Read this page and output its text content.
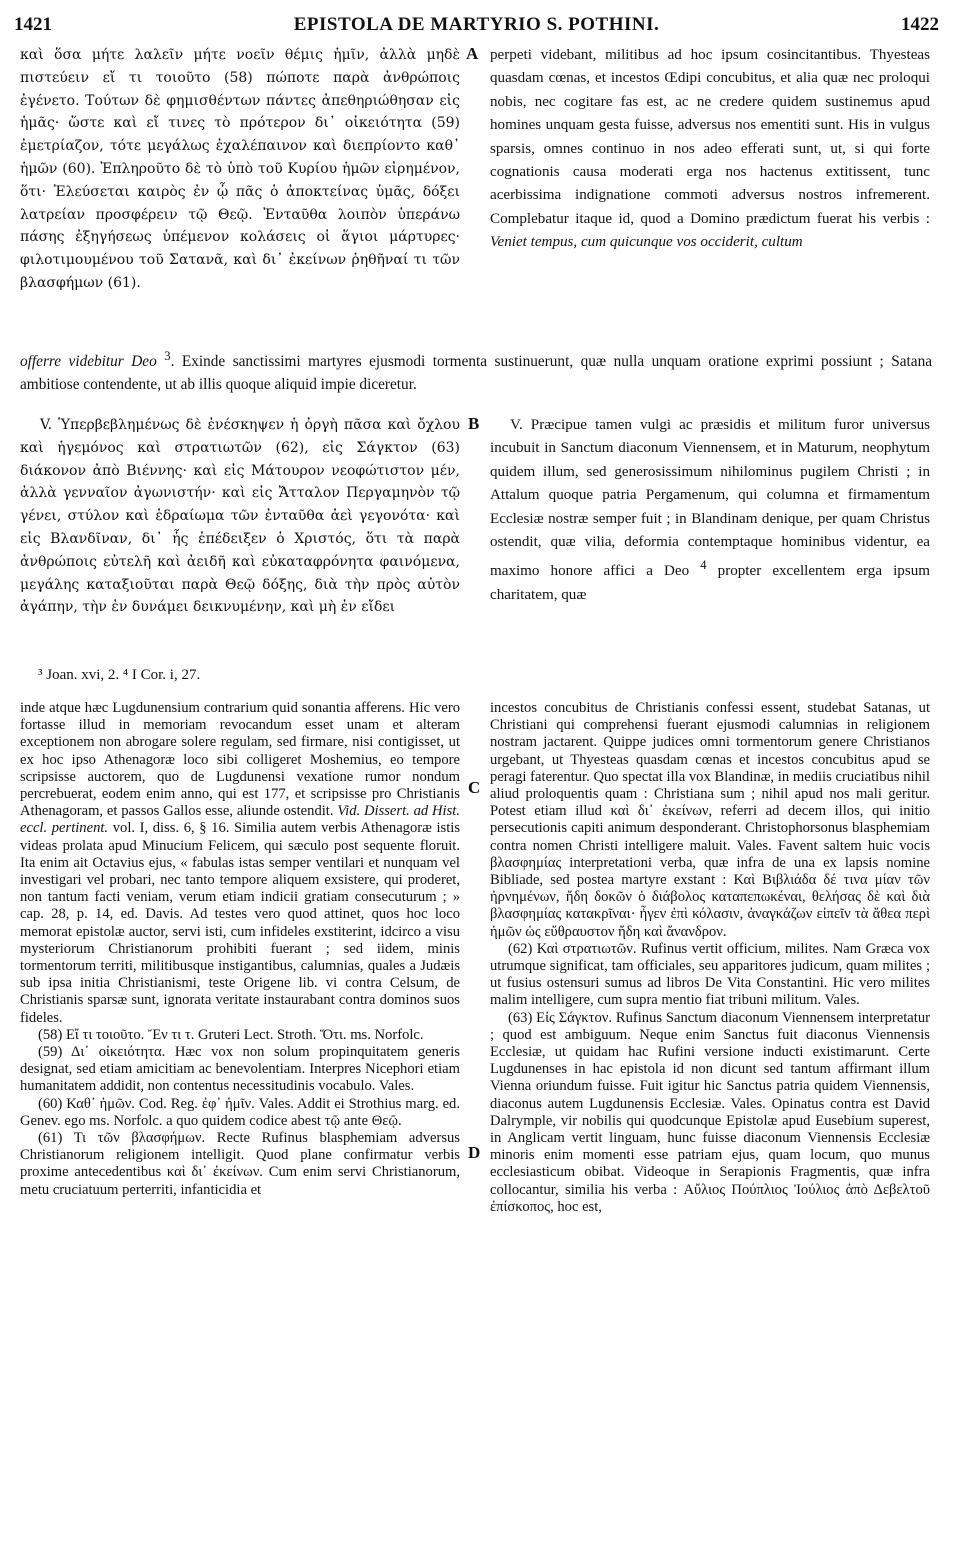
1421	EPISTOLA DE MARTYRIO S. POTHINI.	1422

καὶ ὅσα μήτε λαλεῖν μήτε νοεῖν θέμις ἡμῖν, ἀλλὰ μηδὲ πιστεύειν εἴ τι τοιοῦτο (58) πώποτε παρὰ ἀνθρώποις ἐγένετο. Τούτων δὲ φημισθέντων πάντες ἀπεθηριώθησαν εἰς ἡμᾶς· ὥστε καὶ εἴ τινες τὸ πρότερον δι᾽ οἰκειότητα (59) ἐμετρίαζον, τότε μεγάλως ἐχαλέπαινον καὶ διεπρίοντο καθ᾽ ἡμῶν (60). Ἐπληροῦτο δὲ τὸ ὑπὸ τοῦ Κυρίου ἡμῶν εἰρημένον, ὅτι· Ἐλεύσεται καιρὸς ἐν ᾧ πᾶς ὁ ἀποκτείνας ὑμᾶς, δόξει λατρείαν προσφέρειν τῷ Θεῷ. Ἐνταῦθα λοιπὸν ὑπεράνω πάσης ἐξηγήσεως ὑπέμενον κολάσεις οἱ ἅγιοι μάρτυρες· φιλοτιμουμένου τοῦ Σατανᾶ, καὶ δι᾽ ἐκείνων ῥηθῆναί τι τῶν βλασφήμων (61).

A perpeti videbant, militibus ad hoc ipsum cosincitantibus. Thyesteas quasdam cœnas, et incestos Œdipi concubitus, et alia quæ nec proloqui nobis, nec cogitare fas est, ac ne credere quidem sustinemus apud homines unquam gesta fuisse, adversus nos ementiti sunt. His in vulgus sparsis, omnes continuo in nos adeo efferati sunt, ut, si qui forte cognationis causa moderati erga nos hactenus extitissent, tunc acerbissima indignatione commoti adversus nostros infremerent. Complebatur itaque id, quod a Domino prædictum fuerat his verbis : Veniet tempus, cum quicunque vos occiderit, cultum

offerre videbitur Deo $^3$. Exinde sanctissimi martyres ejusmodi tormenta sustinuerunt, quæ nulla unquam oratione exprimi possiunt ; Satana ambitiose contendente, ut ab illis quoque aliquid impie diceretur.

V. Ὑπερβεβλημένως δὲ ἐνέσκηψεν ἡ ὀργὴ πᾶσα καὶ ὄχλου καὶ ἡγεμόνος καὶ στρατιωτῶν (62), εἰς Σάγκτον (63) διάκονον ἀπὸ Βιέννης· καὶ εἰς Μάτουρον νεοφώτιστον μέν, ἀλλὰ γενναῖον ἀγωνιστήν· καὶ εἰς Ἄτταλον Περγαμηνὸν τῷ γένει, στύλον καὶ ἑδραίωμα τῶν ἐνταῦθα ἀεὶ γεγονότα· καὶ εἰς Βλανδῖναν, δι᾽ ἧς ἐπέδειξεν ὁ Χριστός, ὅτι τὰ παρὰ ἀνθρώποις εὐτελῆ καὶ ἀειδῆ καὶ εὐκαταφρόνητα φαινόμενα, μεγάλης καταξιοῦται παρὰ Θεῷ δόξης, διὰ τὴν πρὸς αὐτὸν ἀγάπην, τὴν ἐν δυνάμει δεικνυμένην, καὶ μὴ ἐν εἴδει

B	V. Præcipue tamen vulgi ac præsidis et militum furor universus incubuit in Sanctum diaconum Viennensem, et in Maturum, neophytum quidem illum, sed generosissimum nihilominus pugilem Christi ; in Attalum quoque patria Pergamenum, qui columna et firmamentum Ecclesiæ nostræ semper fuit ; in Blandinam denique, per quam Christus ostendit, quæ vilia, deformia contemptaque hominibus videntur, ea maximo honore affici a Deo $^4$ propter excellentem erga ipsum charitatem, quæ

³ Joan. xvi, 2. ⁴ I Cor. i, 27.

inde atque hæc Lugdunensium contrarium quid sonantia afferens. Hic vero fortasse illud in memoriam revocandum esset unam et alteram exceptionem non abrogare solere regulam, sed firmare, nisi contigisset, ut ex hoc ipso Athenagoræ loco sibi colligeret Moshemius, eo tempore scripsisse auctorem, quo de Lugdunensi vexatione rumor nondum percrebuerat, eodem enim anno, qui est 177, et scripsisse pro Christianis Athenagoram, et passos Gallos esse, aliunde ostendit. Vid. Dissert. ad Hist. eccl. pertinent. vol. I, diss. 6, § 16. Similia autem verbis Athenagoræ istis videas prolata apud Minucium Felicem, qui sæculo post sequente floruit. Ita enim ait Octavius ejus, « fabulas istas semper ventilari et nunquam vel investigari vel probari, nec tanto tempore aliquem exsistere, qui proderet, non tantum facti veniam, verum etiam indicii gratiam consecuturum ; » cap. 28, p. 14, ed. Davis. Ad testes vero quod attinet, quos hoc loco memorat epistolæ auctor, servi isti, cum infideles exstiterint, idcirco a visu mysteriorum Christianorum prohibiti fuerant ; sed iidem, minis tormentorum territi, militibusque instigantibus, calumnias, quales a Judæis sub ipsa initia Christianismi, teste Origene lib. vi contra Celsum, de Christianis sparsæ sunt, ignorata veritate instaurabant contra dominos suos fideles.

(58) Εἴ τι τοιοῦτο. Ἔν τι τ. Gruteri Lect. Stroth. Ὅτι. ms. Norfolc.

(59) Δι᾽ οἰκειότητα. Hæc vox non solum propinquitatem generis designat, sed etiam amicitiam ac benevolentiam. Interpres Nicephori etiam humanitatem addidit, non contentus necessitudinis vocabulo. Vales.

(60) Καθ᾽ ἡμῶν. Cod. Reg. ἐφ᾽ ἡμῖν. Vales. Addit ei Strothius marg. ed. Genev. ego ms. Norfolc. a quo quidem codice abest τῷ ante Θεῷ.

(61) Τι τῶν βλασφήμων. Recte Rufinus blasphemiam adversus Christianorum religionem intelligit. Quod plane confirmatur verbis proxime antecedentibus καὶ δι᾽ ἐκείνων. Cum enim servi Christianorum, metu cruciatuum perterriti, infanticidia et

C
D

incestos concubitus de Christianis confessi essent, studebat Satanas, ut Christiani qui comprehensi fuerant ejusmodi calumnias in religionem nostram jactarent. Quippe judices omni tormentorum genere Christianos urgebant, ut Thyesteas quasdam cœnas et incestos concubitus apud se peragi faterentur. Quo spectat illa vox Blandinæ, in mediis cruciatibus nihil aliud proloquentis quam : Christiana sum ; nihil apud nos mali geritur. Potest etiam illud καὶ δι᾽ ἐκείνων, referri ad decem illos, qui initio persecutionis capiti animum desponderant. Christophorsonus blasphemiam contra nomen Christi intelligere maluit. Vales. Favent saltem huic vocis βλασφημίας interpretationi verba, quæ infra de una ex lapsis nomine Bibliade, sed postea martyre exstant : Καὶ Βιβλιάδα δέ τινα μίαν τῶν ἠρνημένων, ἤδη δοκῶν ὁ διάβολος καταπεπωκέναι, θελήσας δὲ καὶ διὰ βλασφημίας κατακρῖναι· ἦγεν ἐπὶ κόλασιν, ἀναγκάζων εἰπεῖν τὰ ἄθεα περὶ ἡμῶν ὡς εὔθραυστον ἤδη καὶ ἄνανδρον.

(62) Καὶ στρατιωτῶν. Rufinus vertit officium, milites. Nam Græca vox utrumque significat, tam officiales, seu apparitores judicum, quam milites ; ut fusius ostensuri sumus ad libros De Vita Constantini. Hic vero milites malim intelligere, cum supra mentio fiat tribuni militum. Vales.

(63) Εἰς Σάγκτον. Rufinus Sanctum diaconum Viennensem interpretatur ; quod est ambiguum. Neque enim Sanctus fuit diaconus Viennensis Ecclesiæ, ut quidam hac Rufini versione inducti existimarunt. Certe Lugdunenses in hac epistola id non dicunt sed tantum affirmant illum Vienna oriundum fuisse. Fuit igitur hic Sanctus patria quidem Viennensis, diaconus autem Lugdunensis Ecclesiæ. Vales. Opinatus contra est David Dalrymple, vir nobilis qui quodcunque Epistolæ apud Eusebium superest, in Anglicam vertit linguam, hunc fuisse diaconum Viennensis Ecclesiæ minoris enim momenti esse patriam ejus, quam locum, quo munus ecclesiasticum obibat. Videoque in Serapionis Fragmentis, quæ infra collocantur, similia his verba : Αὔλιος Πούπλιος Ἰούλιος ἀπὸ Δεβελτοῦ ἐπίσκοπος, hoc est,
